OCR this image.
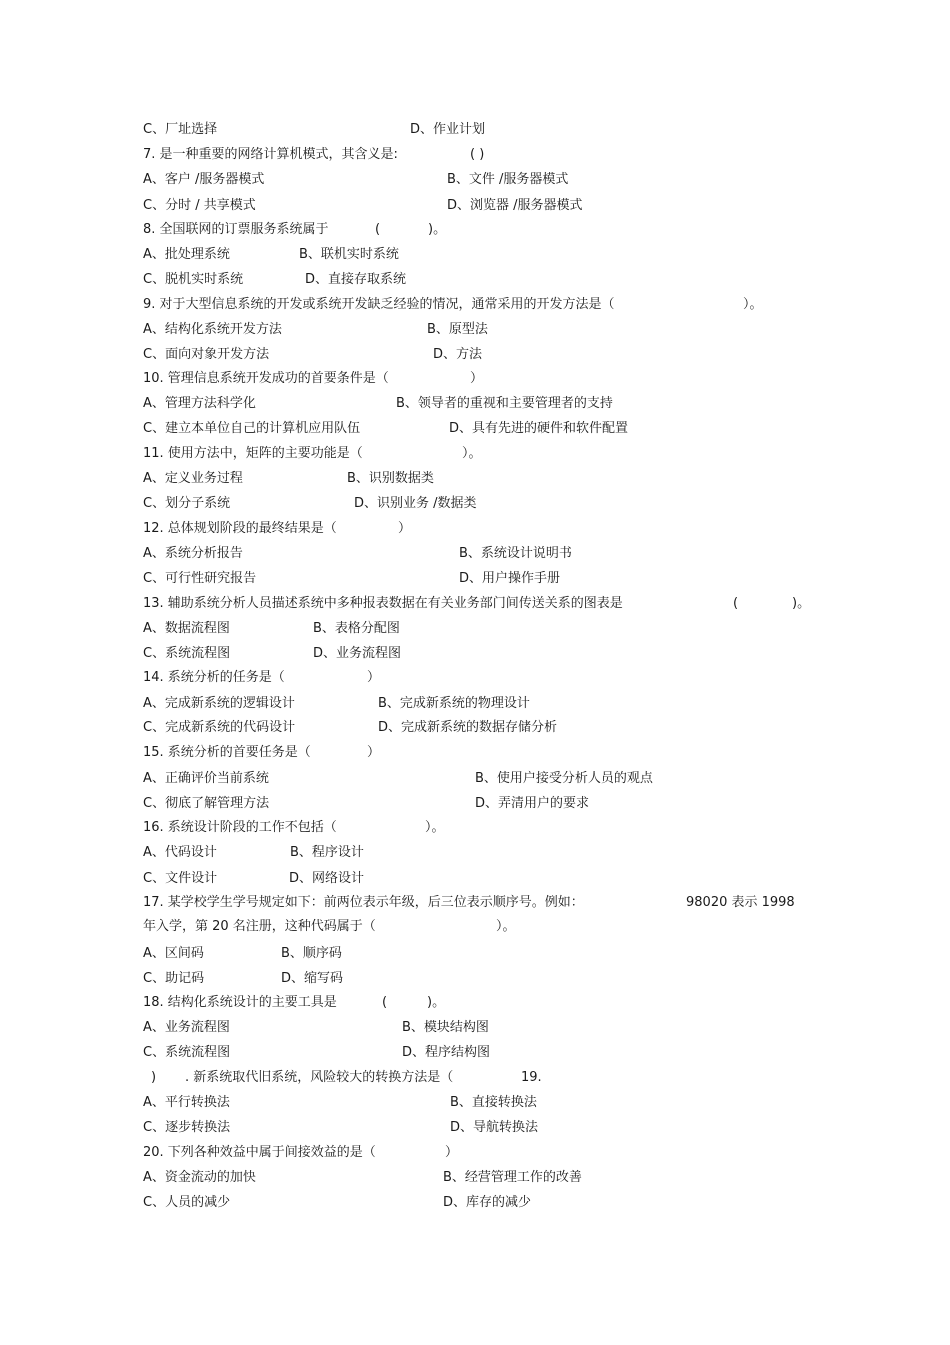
C、厂址选择	D、作业计划
7. 是一种重要的网络计算机模式，其含义是:	( )
A、客户 /服务器模式	B、文件 /服务器模式
C、分时 / 共享模式	D、浏览器 /服务器模式
8. 全国联网的订票服务系统属于	(	)。
A、批处理系统	B、联机实时系统
C、脱机实时系统	D、直接存取系统
9. 对于大型信息系统的开发或系统开发缺乏经验的情况，通常采用的开发方法是（	）。
A、结构化系统开发方法	B、原型法
C、面向对象开发方法	D、方法
10. 管理信息系统开发成功的首要条件是（	）
A、管理方法科学化	B、领导者的重视和主要管理者的支持
C、建立本单位自己的计算机应用队伍	D、具有先进的硬件和软件配置
11. 使用方法中，矩阵的主要功能是（	）。
A、定义业务过程	B、识别数据类
C、划分子系统	D、识别业务 /数据类
12. 总体规划阶段的最终结果是（	）
A、系统分析报告	B、系统设计说明书
C、可行性研究报告	D、用户操作手册
13. 辅助系统分析人员描述系统中多种报表数据在有关业务部门间传送关系的图表是	(	)。
A、数据流程图	B、表格分配图
C、系统流程图	D、业务流程图
14. 系统分析的任务是（	）
A、完成新系统的逻辑设计	B、完成新系统的物理设计
C、完成新系统的代码设计	D、完成新系统的数据存储分析
15. 系统分析的首要任务是（	）
A、正确评价当前系统	B、使用户接受分析人员的观点
C、彻底了解管理方法	D、弄清用户的要求
16. 系统设计阶段的工作不包括（	）。
A、代码设计	B、程序设计
C、文件设计	D、网络设计
17. 某学校学生学号规定如下：前两位表示年级，后三位表示顺序号。例如：	98020 表示 1998
年入学，第 20 名注册，这种代码属于（	）。
A、区间码	B、顺序码
C、助记码	D、缩写码
18. 结构化系统设计的主要工具是	(	)。
A、业务流程图	B、模块结构图
C、系统流程图	D、程序结构图
) . 新系统取代旧系统，风险较大的转换方法是（	19.
A、平行转换法	B、直接转换法
C、逐步转换法	D、导航转换法
20. 下列各种效益中属于间接效益的是（	）
A、资金流动的加快	B、经营管理工作的改善
C、人员的减少	D、库存的减少
